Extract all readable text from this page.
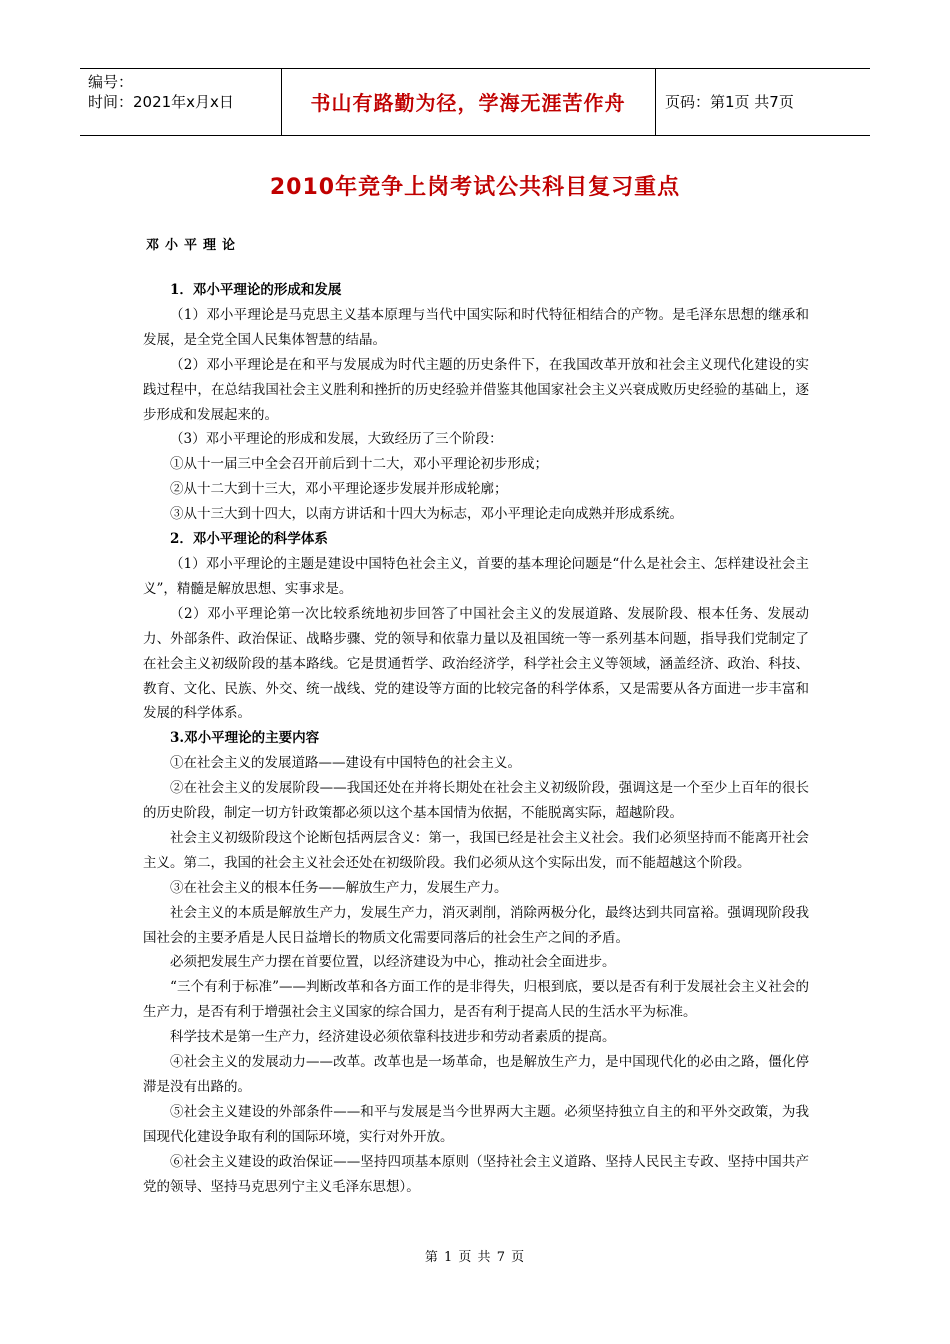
编号：
时间：2021年x月x日	书山有路勤为径，学海无涯苦作舟	页码：第1页 共7页
2010年竞争上岗考试公共科目复习重点
邓小平理论

1．邓小平理论的形成和发展

（1）邓小平理论是马克思主义基本原理与当代中国实际和时代特征相结合的产物。是毛泽东思想的继承和发展，是全党全国人民集体智慧的结晶。

（2）邓小平理论是在和平与发展成为时代主题的历史条件下，在我国改革开放和社会主义现代化建设的实践过程中，在总结我国社会主义胜利和挫折的历史经验并借鉴其他国家社会主义兴衰成败历史经验的基础上，逐步形成和发展起来的。

（3）邓小平理论的形成和发展，大致经历了三个阶段：

①从十一届三中全会召开前后到十二大，邓小平理论初步形成；

②从十二大到十三大，邓小平理论逐步发展并形成轮廓；

③从十三大到十四大，以南方讲话和十四大为标志，邓小平理论走向成熟并形成系统。

2．邓小平理论的科学体系

（1）邓小平理论的主题是建设中国特色社会主义，首要的基本理论问题是“什么是社会主、怎样建设社会主义”，精髓是解放思想、实事求是。

（2）邓小平理论第一次比较系统地初步回答了中国社会主义的发展道路、发展阶段、根本任务、发展动力、外部条件、政治保证、战略步骤、党的领导和依靠力量以及祖国统一等一系列基本问题，指导我们党制定了在社会主义初级阶段的基本路线。它是贯通哲学、政治经济学，科学社会主义等领域，涵盖经济、政治、科技、教育、文化、民族、外交、统一战线、党的建设等方面的比较完备的科学体系，又是需要从各方面进一步丰富和发展的科学体系。

3.邓小平理论的主要内容

①在社会主义的发展道路——建设有中国特色的社会主义。

②在社会主义的发展阶段——我国还处在并将长期处在社会主义初级阶段，强调这是一个至少上百年的很长的历史阶段，制定一切方针政策都必须以这个基本国情为依据，不能脱离实际，超越阶段。

社会主义初级阶段这个论断包括两层含义：第一，我国已经是社会主义社会。我们必须坚持而不能离开社会主义。第二，我国的社会主义社会还处在初级阶段。我们必须从这个实际出发，而不能超越这个阶段。

③在社会主义的根本任务——解放生产力，发展生产力。

社会主义的本质是解放生产力，发展生产力，消灭剥削，消除两极分化，最终达到共同富裕。强调现阶段我国社会的主要矛盾是人民日益增长的物质文化需要同落后的社会生产之间的矛盾。

必须把发展生产力摆在首要位置，以经济建设为中心，推动社会全面进步。

“三个有利于标准”——判断改革和各方面工作的是非得失，归根到底，要以是否有利于发展社会主义社会的生产力，是否有利于增强社会主义国家的综合国力，是否有利于提高人民的生活水平为标准。

科学技术是第一生产力，经济建设必须依靠科技进步和劳动者素质的提高。

④社会主义的发展动力——改革。改革也是一场革命，也是解放生产力，是中国现代化的必由之路，僵化停滞是没有出路的。

⑤社会主义建设的外部条件——和平与发展是当今世界两大主题。必须坚持独立自主的和平外交政策，为我国现代化建设争取有利的国际环境，实行对外开放。

⑥社会主义建设的政治保证——坚持四项基本原则（坚持社会主义道路、坚持人民民主专政、坚持中国共产党的领导、坚持马克思列宁主义毛泽东思想）。

第 1 页 共 7 页
